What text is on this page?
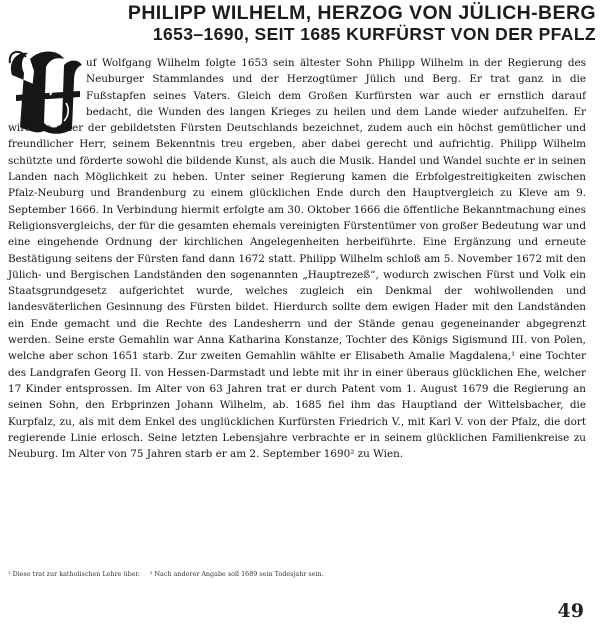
PHILIPP WILHELM, HERZOG VON JÜLICH-BERG
1653–1690, SEIT 1685 KURFÜRST VON DER PFALZ
uf Wolfgang Wilhelm folgte 1653 sein ältester Sohn Philipp Wilhelm in der Regierung des Neuburger Stammlandes und der Herzogtümer Jülich und Berg. Er trat ganz in die Fußstapfen seines Vaters. Gleich dem Großen Kurfürsten war auch er ernstlich darauf bedacht, die Wunden des langen Krieges zu heilen und dem Lande wieder aufzuhelfen. Er wird als einer der gebildetsten Fürsten Deutschlands bezeichnet, zudem auch ein höchst gemütlicher und freundlicher Herr, seinem Bekenntnis treu ergeben, aber dabei gerecht und aufrichtig. Philipp Wilhelm schützte und förderte sowohl die bildende Kunst, als auch die Musik. Handel und Wandel suchte er in seinen Landen nach Möglichkeit zu heben. Unter seiner Regierung kamen die Erbfolgestreitigkeiten zwischen Pfalz-Neuburg und Brandenburg zu einem glücklichen Ende durch den Hauptvergleich zu Kleve am 9. September 1666. In Verbindung hiermit erfolgte am 30. Oktober 1666 die öffentliche Bekanntmachung eines Religionsvergleichs, der für die gesamten ehemals vereinigten Fürstentümer von großer Bedeutung war und eine eingehende Ordnung der kirchlichen Angelegenheiten herbeiführte. Eine Ergänzung und erneute Bestätigung seitens der Fürsten fand dann 1672 statt. Philipp Wilhelm schloß am 5. November 1672 mit den Jülich- und Bergischen Landständen den sogenannten „Hauptrezeß“, wodurch zwischen Fürst und Volk ein Staatsgrundgesetz aufgerichtet wurde, welches zugleich ein Denkmal der wohlwollenden und landesväterlichen Gesinnung des Fürsten bildet. Hierdurch sollte dem ewigen Hader mit den Landständen ein Ende gemacht und die Rechte des Landesherrn und der Stände genau gegeneinander abgegrenzt werden. Seine erste Gemahlin war Anna Katharina Konstanze, Tochter des Königs Sigismund III. von Polen, welche aber schon 1651 starb. Zur zweiten Gemahlin wählte er Elisabeth Amalie Magdalena,¹ eine Tochter des Landgrafen Georg II. von Hessen-Darmstadt und lebte mit ihr in einer überaus glücklichen Ehe, welcher 17 Kinder entsprossen. Im Alter von 63 Jahren trat er durch Patent vom 1. August 1679 die Regierung an seinen Sohn, den Erbprinzen Johann Wilhelm, ab. 1685 fiel ihm das Hauptland der Wittelsbacher, die Kurpfalz, zu, als mit dem Enkel des unglücklichen Kurfürsten Friedrich V., mit Karl V. von der Pfalz, die dort regierende Linie erlosch. Seine letzten Lebensjahre verbrachte er in seinem glücklichen Familienkreise zu Neuburg. Im Alter von 75 Jahren starb er am 2. September 1690² zu Wien.
¹ Diese trat zur katholischen Lehre über. ² Nach anderer Angabe soll 1689 sein Todesjahr sein.
49
